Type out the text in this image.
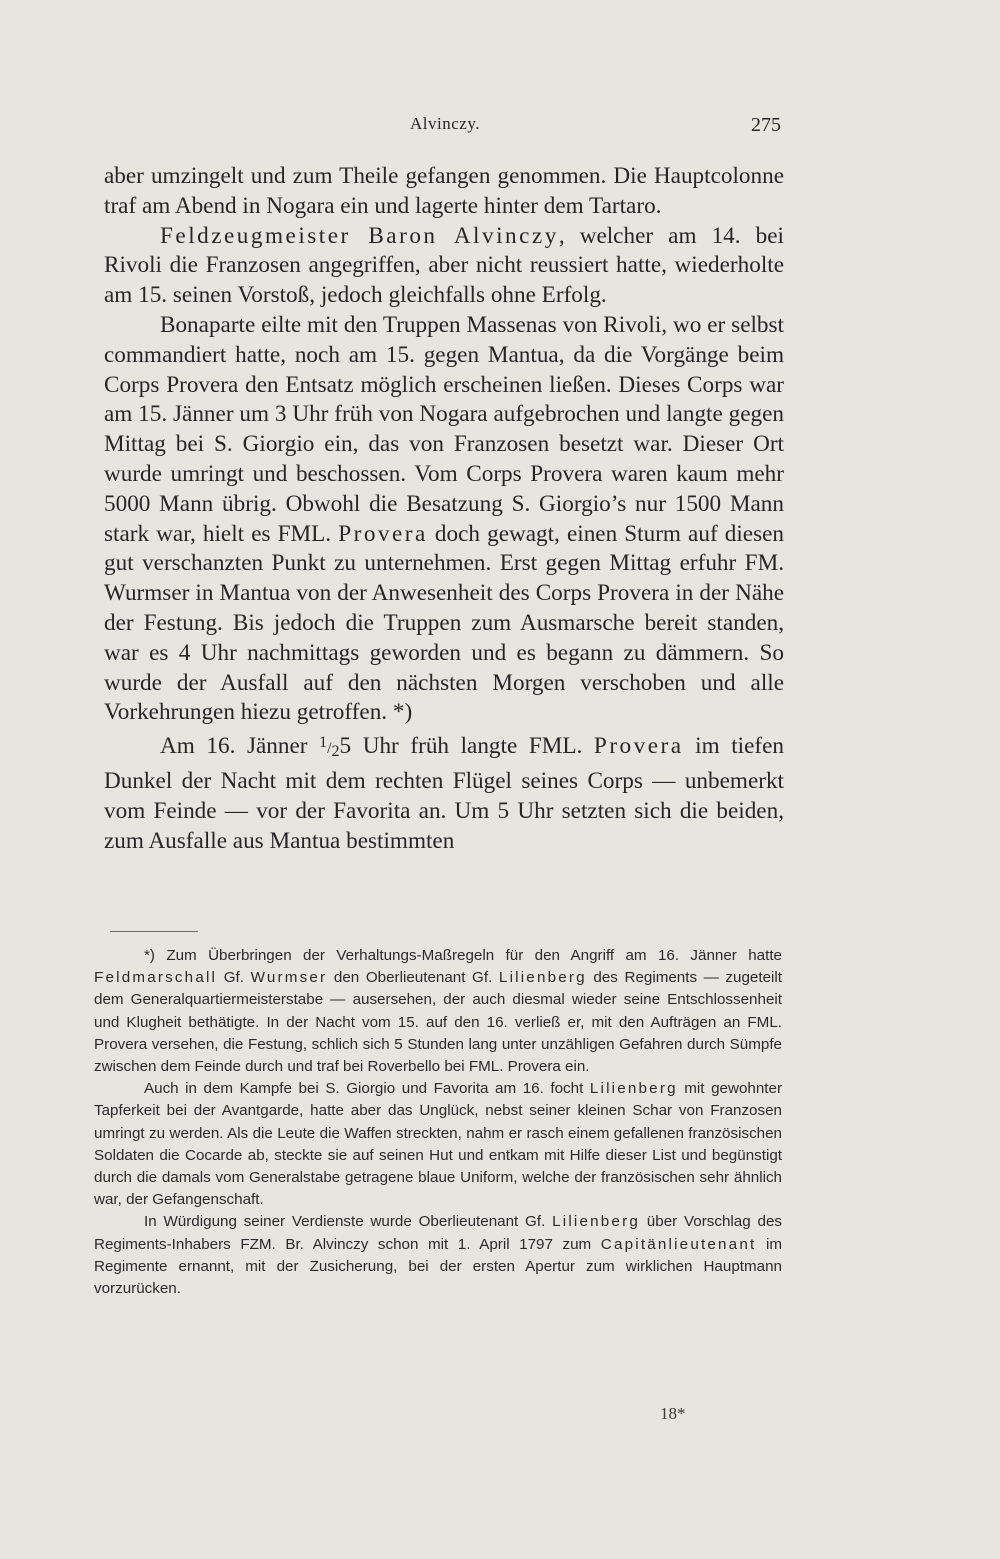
Alvinczy.	275

aber umzingelt und zum Theile gefangen genommen. Die Hauptcolonne traf am Abend in Nogara ein und lagerte hinter dem Tartaro.

Feldzeugmeister Baron Alvinczy, welcher am 14. bei Rivoli die Franzosen angegriffen, aber nicht reussiert hatte, wiederholte am 15. seinen Vorstoß, jedoch gleichfalls ohne Erfolg.

Bonaparte eilte mit den Truppen Massenas von Rivoli, wo er selbst commandiert hatte, noch am 15. gegen Mantua, da die Vorgänge beim Corps Provera den Entsatz möglich erscheinen ließen. Dieses Corps war am 15. Jänner um 3 Uhr früh von Nogara aufgebrochen und langte gegen Mittag bei S. Giorgio ein, das von Franzosen besetzt war. Dieser Ort wurde umringt und beschossen. Vom Corps Provera waren kaum mehr 5000 Mann übrig. Obwohl die Besatzung S. Giorgio’s nur 1500 Mann stark war, hielt es FML. Provera doch gewagt, einen Sturm auf diesen gut verschanzten Punkt zu unternehmen. Erst gegen Mittag erfuhr FM. Wurmser in Mantua von der Anwesenheit des Corps Provera in der Nähe der Festung. Bis jedoch die Truppen zum Ausmarsche bereit standen, war es 4 Uhr nachmittags geworden und es begann zu dämmern. So wurde der Ausfall auf den nächsten Morgen verschoben und alle Vorkehrungen hiezu getroffen. *)

Am 16. Jänner 1/25 Uhr früh langte FML. Provera im tiefen Dunkel der Nacht mit dem rechten Flügel seines Corps — unbemerkt vom Feinde — vor der Favorita an. Um 5 Uhr setzten sich die beiden, zum Ausfalle aus Mantua bestimmten

*) Zum Überbringen der Verhaltungs-Maßregeln für den Angriff am 16. Jänner hatte Feldmarschall Gf. Wurmser den Oberlieutenant Gf. Lilienberg des Regiments — zugeteilt dem Generalquartiermeisterstabe — ausersehen, der auch diesmal wieder seine Entschlossenheit und Klugheit bethätigte. In der Nacht vom 15. auf den 16. verließ er, mit den Aufträgen an FML. Provera versehen, die Festung, schlich sich 5 Stunden lang unter unzähligen Gefahren durch Sümpfe zwischen dem Feinde durch und traf bei Roverbello bei FML. Provera ein.

Auch in dem Kampfe bei S. Giorgio und Favorita am 16. focht Lilienberg mit gewohnter Tapferkeit bei der Avantgarde, hatte aber das Unglück, nebst seiner kleinen Schar von Franzosen umringt zu werden. Als die Leute die Waffen streckten, nahm er rasch einem gefallenen französischen Soldaten die Cocarde ab, steckte sie auf seinen Hut und entkam mit Hilfe dieser List und begünstigt durch die damals vom Generalstabe getragene blaue Uniform, welche der französischen sehr ähnlich war, der Gefangenschaft.

In Würdigung seiner Verdienste wurde Oberlieutenant Gf. Lilienberg über Vorschlag des Regiments-Inhabers FZM. Br. Alvinczy schon mit 1. April 1797 zum Capitänlieutenant im Regimente ernannt, mit der Zusicherung, bei der ersten Apertur zum wirklichen Hauptmann vorzurücken.

18*
